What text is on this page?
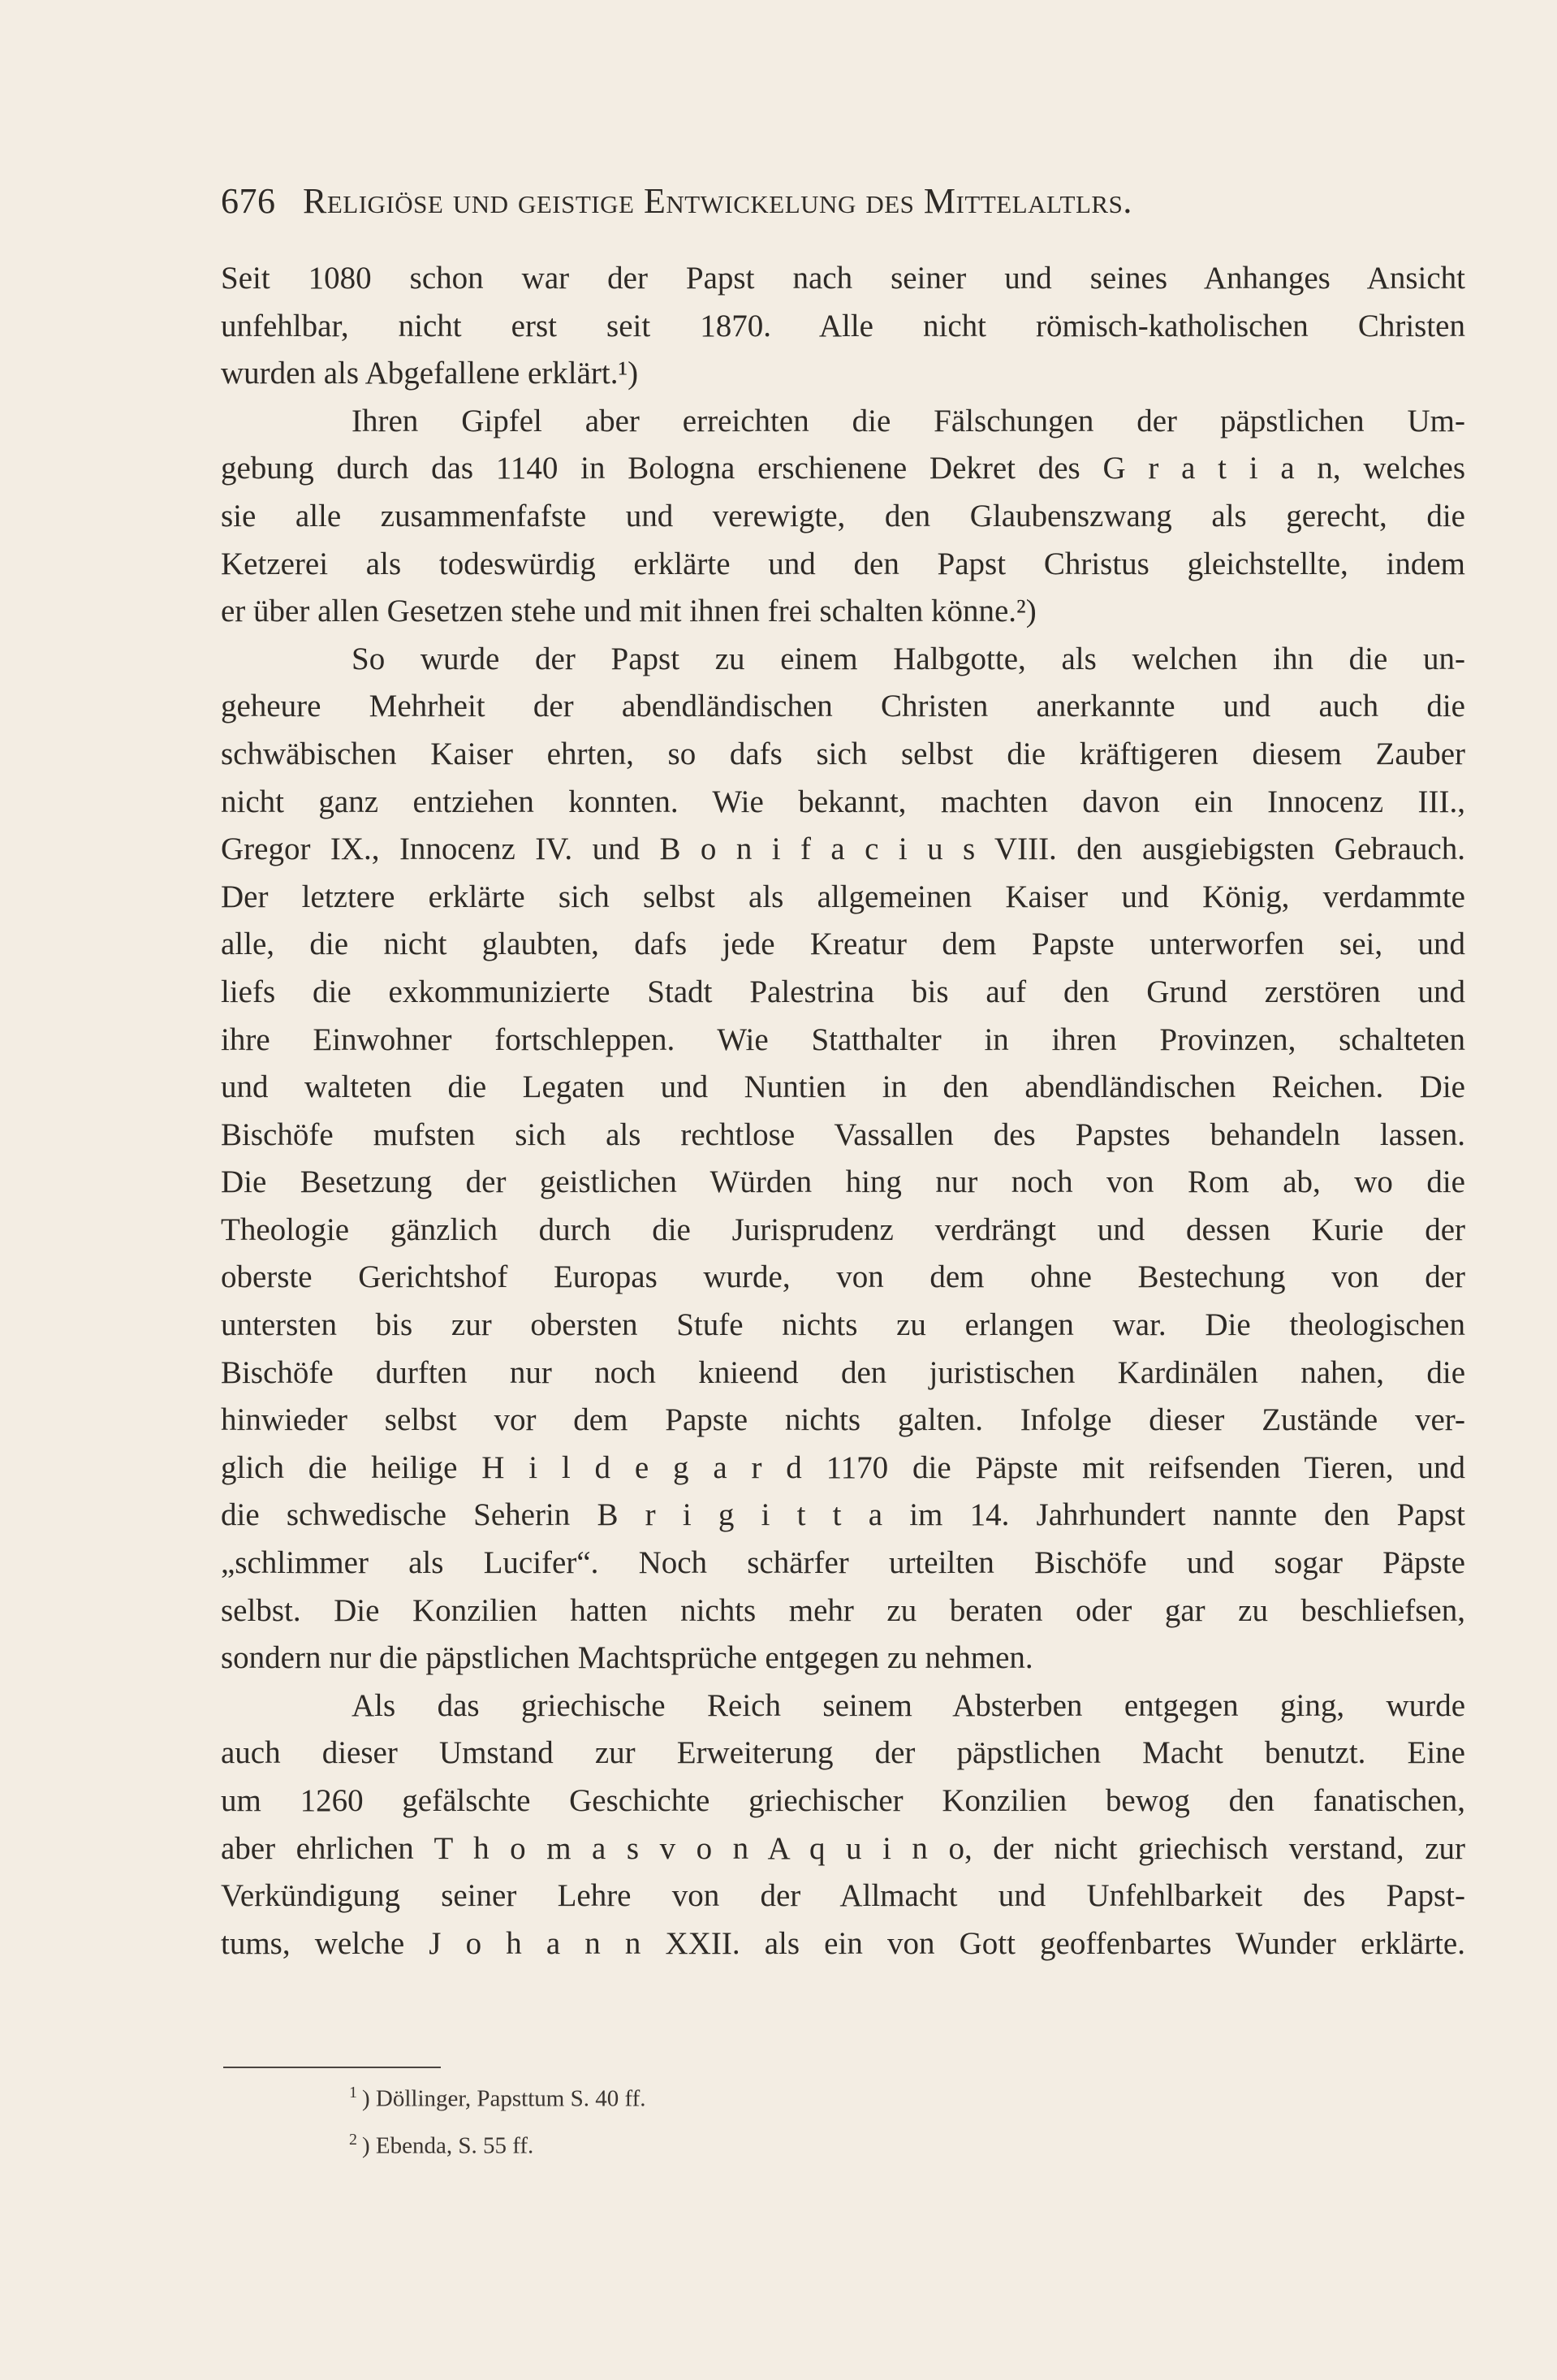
676 Religiöse und geistige Entwickelung des Mittelaltlrs.
Seit 1080 schon war der Papst nach seiner und seines Anhanges Ansicht
unfehlbar, nicht erst seit 1870. Alle nicht römisch-katholischen Christen
wurden als Abgefallene erklärt.¹)
Ihren Gipfel aber erreichten die Fälschungen der päpstlichen Um-
gebung durch das 1140 in Bologna erschienene Dekret des G r a t i a n, welches
sie alle zusammenfafste und verewigte, den Glaubenszwang als gerecht, die
Ketzerei als todeswürdig erklärte und den Papst Christus gleichstellte, indem
er über allen Gesetzen stehe und mit ihnen frei schalten könne.²)
So wurde der Papst zu einem Halbgotte, als welchen ihn die un-
geheure Mehrheit der abendländischen Christen anerkannte und auch die
schwäbischen Kaiser ehrten, so dafs sich selbst die kräftigeren diesem Zauber
nicht ganz entziehen konnten. Wie bekannt, machten davon ein Innocenz III.,
Gregor IX., Innocenz IV. und B o n i f a c i u s VIII. den ausgiebigsten Gebrauch.
Der letztere erklärte sich selbst als allgemeinen Kaiser und König, verdammte
alle, die nicht glaubten, dafs jede Kreatur dem Papste unterworfen sei, und
liefs die exkommunizierte Stadt Palestrina bis auf den Grund zerstören und
ihre Einwohner fortschleppen. Wie Statthalter in ihren Provinzen, schalteten
und walteten die Legaten und Nuntien in den abendländischen Reichen. Die
Bischöfe mufsten sich als rechtlose Vassallen des Papstes behandeln lassen.
Die Besetzung der geistlichen Würden hing nur noch von Rom ab, wo die
Theologie gänzlich durch die Jurisprudenz verdrängt und dessen Kurie der
oberste Gerichtshof Europas wurde, von dem ohne Bestechung von der
untersten bis zur obersten Stufe nichts zu erlangen war. Die theologischen
Bischöfe durften nur noch knieend den juristischen Kardinälen nahen, die
hinwieder selbst vor dem Papste nichts galten. Infolge dieser Zustände ver-
glich die heilige H i l d e g a r d 1170 die Päpste mit reifsenden Tieren, und
die schwedische Seherin B r i g i t t a im 14. Jahrhundert nannte den Papst
„schlimmer als Lucifer“. Noch schärfer urteilten Bischöfe und sogar Päpste
selbst. Die Konzilien hatten nichts mehr zu beraten oder gar zu beschliefsen,
sondern nur die päpstlichen Machtsprüche entgegen zu nehmen.
Als das griechische Reich seinem Absterben entgegen ging, wurde
auch dieser Umstand zur Erweiterung der päpstlichen Macht benutzt. Eine
um 1260 gefälschte Geschichte griechischer Konzilien bewog den fanatischen,
aber ehrlichen T h o m a s v o n A q u i n o, der nicht griechisch verstand, zur
Verkündigung seiner Lehre von der Allmacht und Unfehlbarkeit des Papst-
tums, welche J o h a n n XXII. als ein von Gott geoffenbartes Wunder erklärte.
$^1$ ) Döllinger, Papsttum S. 40 ff.
$^2$ ) Ebenda, S. 55 ff.
